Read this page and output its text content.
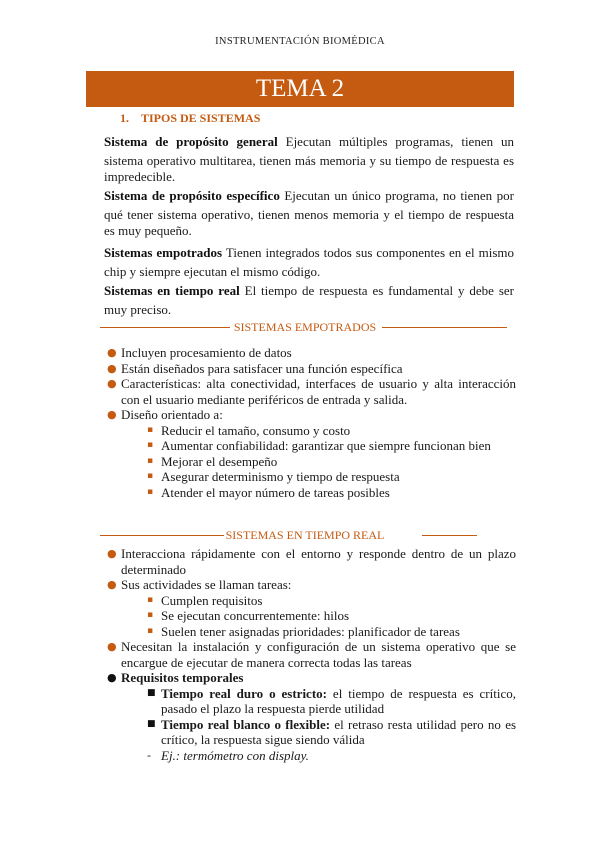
INSTRUMENTACIÓN BIOMÉDICA
TEMA 2
1. TIPOS DE SISTEMAS

Sistema de propósito general Ejecutan múltiples programas, tienen un sistema operativo multitarea, tienen más memoria y su tiempo de respuesta es impredecible.

Sistema de propósito específico Ejecutan un único programa, no tienen por qué tener sistema operativo, tienen menos memoria y el tiempo de respuesta es muy pequeño.

Sistemas empotrados Tienen integrados todos sus componentes en el mismo chip y siempre ejecutan el mismo código.

Sistemas en tiempo real El tiempo de respuesta es fundamental y debe ser muy preciso.

SISTEMAS EMPOTRADOS
● Incluyen procesamiento de datos
● Están diseñados para satisfacer una función específica
● Características: alta conectividad, interfaces de usuario y alta interacción con el usuario mediante periféricos de entrada y salida.
● Diseño orientado a:
▪ Reducir el tamaño, consumo y costo
▪ Aumentar confiabilidad: garantizar que siempre funcionan bien
▪ Mejorar el desempeño
▪ Asegurar determinismo y tiempo de respuesta
▪ Atender el mayor número de tareas posibles
SISTEMAS EN TIEMPO REAL
● Interacciona rápidamente con el entorno y responde dentro de un plazo determinado
● Sus actividades se llaman tareas:
▪ Cumplen requisitos
▪ Se ejecutan concurrentemente: hilos
▪ Suelen tener asignadas prioridades: planificador de tareas
● Necesitan la instalación y configuración de un sistema operativo que se encargue de ejecutar de manera correcta todas las tareas
● Requisitos temporales
■ Tiempo real duro o estricto: el tiempo de respuesta es crítico, pasado el plazo la respuesta pierde utilidad
■ Tiempo real blanco o flexible: el retraso resta utilidad pero no es crítico, la respuesta sigue siendo válida
- Ej.: termómetro con display.
